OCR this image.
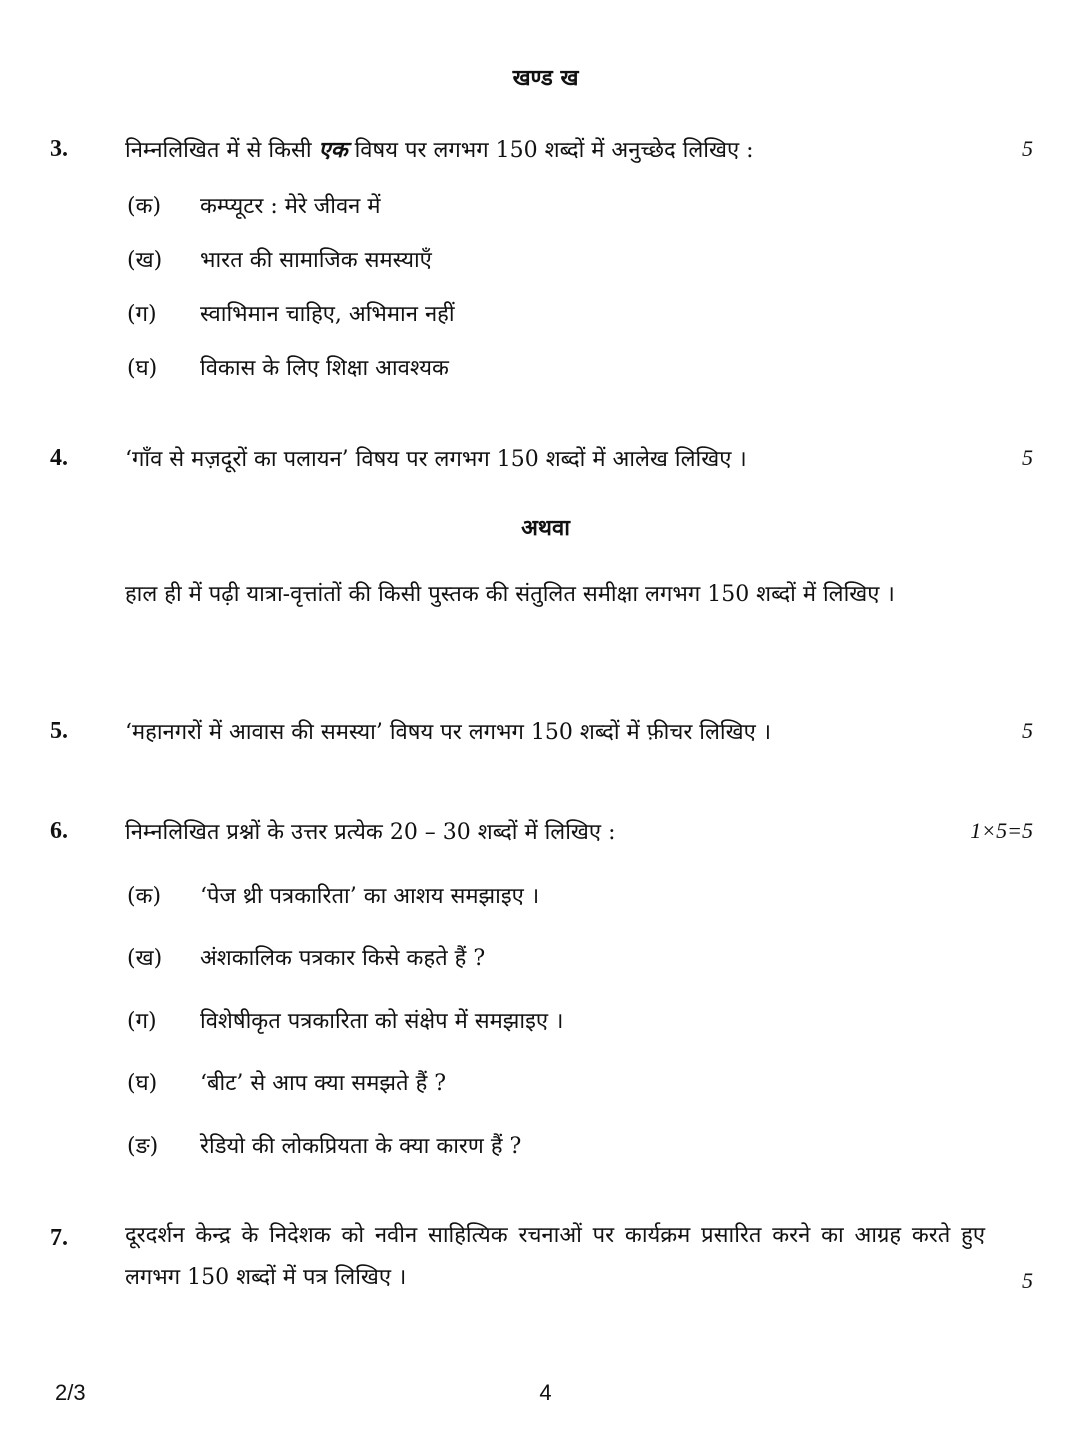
खण्ड ख
3.	निम्नलिखित में से किसी एक विषय पर लगभग 150 शब्दों में अनुच्छेद लिखिए :	5
(क) कम्प्यूटर : मेरे जीवन में
(ख) भारत की सामाजिक समस्याएँ
(ग) स्वाभिमान चाहिए, अभिमान नहीं
(घ) विकास के लिए शिक्षा आवश्यक
4.	‘गाँव से मज़दूरों का पलायन’ विषय पर लगभग 150 शब्दों में आलेख लिखिए ।	5
अथवा
हाल ही में पढ़ी यात्रा-वृत्तांतों की किसी पुस्तक की संतुलित समीक्षा लगभग 150 शब्दों में लिखिए ।
5.	‘महानगरों में आवास की समस्या’ विषय पर लगभग 150 शब्दों में फ़ीचर लिखिए ।	5
6.	निम्नलिखित प्रश्नों के उत्तर प्रत्येक 20 – 30 शब्दों में लिखिए :	1×5=5
(क) ‘पेज थ्री पत्रकारिता’ का आशय समझाइए ।
(ख) अंशकालिक पत्रकार किसे कहते हैं ?
(ग) विशेषीकृत पत्रकारिता को संक्षेप में समझाइए ।
(घ) ‘बीट’ से आप क्या समझते हैं ?
(ङ) रेडियो की लोकप्रियता के क्या कारण हैं ?
7.	दूरदर्शन केन्द्र के निदेशक को नवीन साहित्यिक रचनाओं पर कार्यक्रम प्रसारित करने का आग्रह करते हुए लगभग 150 शब्दों में पत्र लिखिए ।	5
2/3	4
